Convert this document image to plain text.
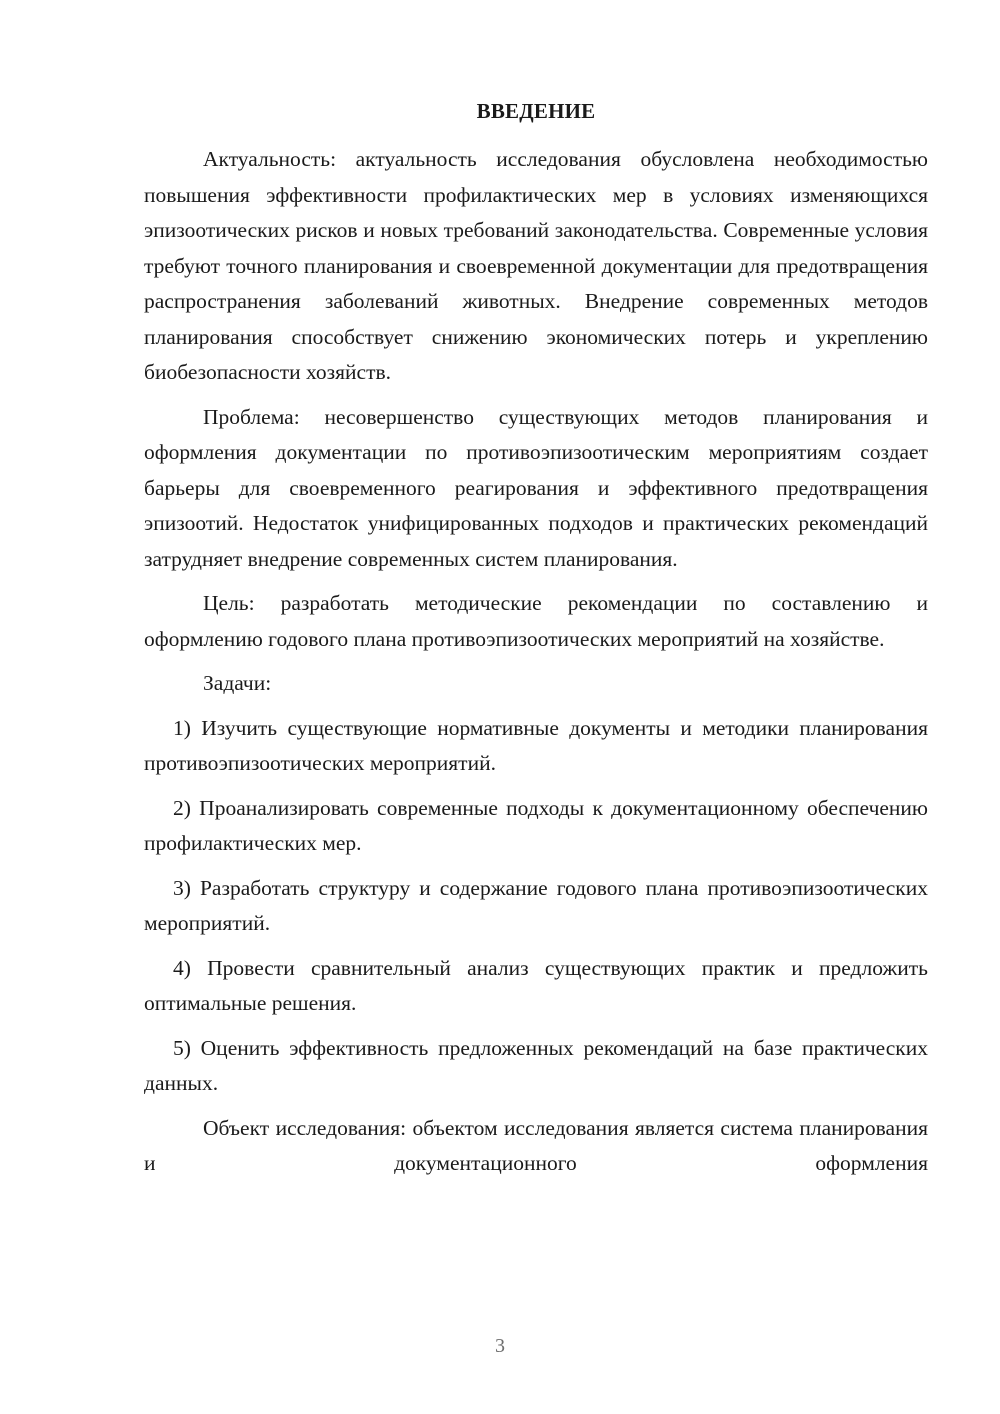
ВВЕДЕНИЕ

Актуальность: актуальность исследования обусловлена необходимостью повышения эффективности профилактических мер в условиях изменяющихся эпизоотических рисков и новых требований законодательства. Современные условия требуют точного планирования и своевременной документации для предотвращения распространения заболеваний животных. Внедрение современных методов планирования способствует снижению экономических потерь и укреплению биобезопасности хозяйств.

Проблема: несовершенство существующих методов планирования и оформления документации по противоэпизоотическим мероприятиям создает барьеры для своевременного реагирования и эффективного предотвращения эпизоотий. Недостаток унифицированных подходов и практических рекомендаций затрудняет внедрение современных систем планирования.

Цель: разработать методические рекомендации по составлению и оформлению годового плана противоэпизоотических мероприятий на хозяйстве.

Задачи:

1) Изучить существующие нормативные документы и методики планирования противоэпизоотических мероприятий.

2) Проанализировать современные подходы к документационному обеспечению профилактических мер.

3) Разработать структуру и содержание годового плана противоэпизоотических мероприятий.

4) Провести сравнительный анализ существующих практик и предложить оптимальные решения.

5) Оценить эффективность предложенных рекомендаций на базе практических данных.

Объект исследования: объектом исследования является система планирования и документационного оформления

3
